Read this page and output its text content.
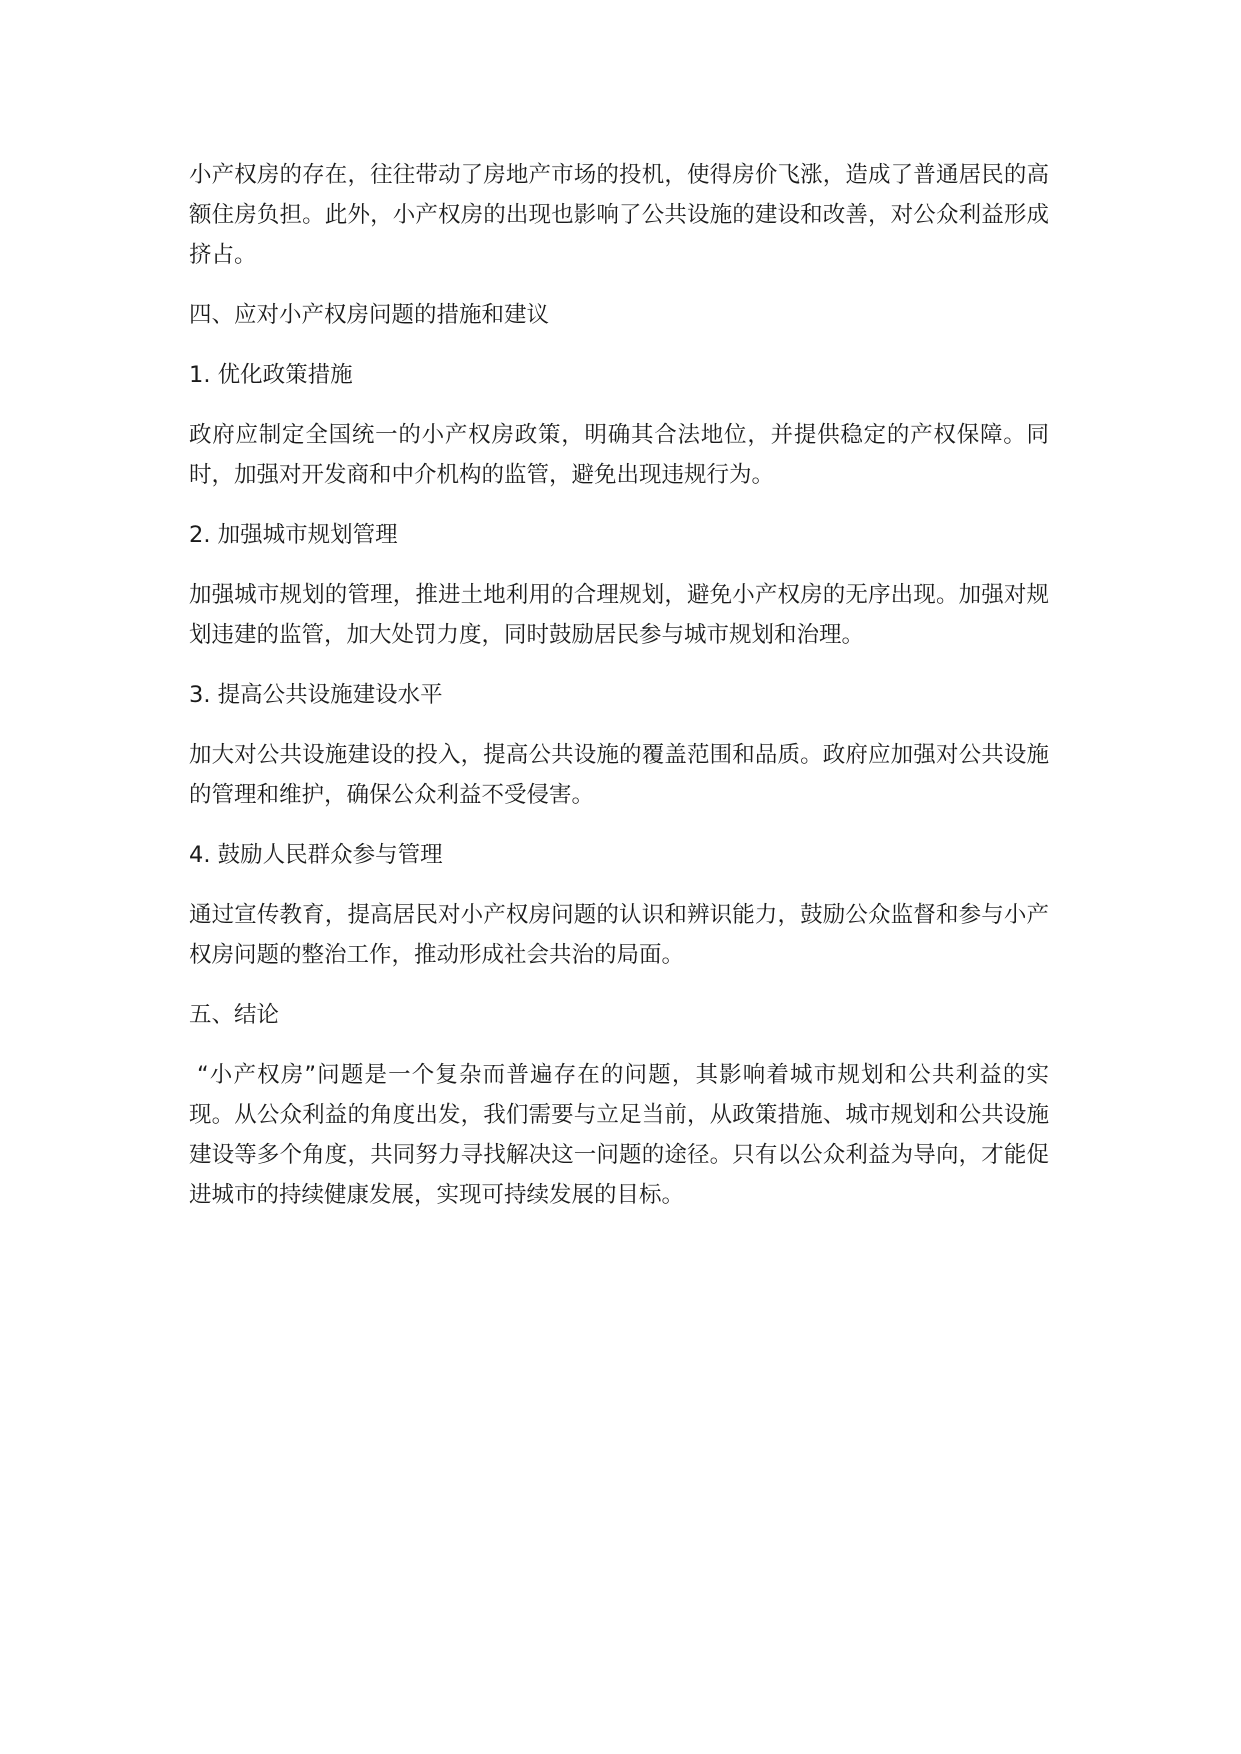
小产权房的存在，往往带动了房地产市场的投机，使得房价飞涨，造成了普通居民的高额住房负担。此外，小产权房的出现也影响了公共设施的建设和改善，对公众利益形成挤占。

四、应对小产权房问题的措施和建议

1. 优化政策措施

政府应制定全国统一的小产权房政策，明确其合法地位，并提供稳定的产权保障。同时，加强对开发商和中介机构的监管，避免出现违规行为。

2. 加强城市规划管理

加强城市规划的管理，推进土地利用的合理规划，避免小产权房的无序出现。加强对规划违建的监管，加大处罚力度，同时鼓励居民参与城市规划和治理。

3. 提高公共设施建设水平

加大对公共设施建设的投入，提高公共设施的覆盖范围和品质。政府应加强对公共设施的管理和维护，确保公众利益不受侵害。

4. 鼓励人民群众参与管理

通过宣传教育，提高居民对小产权房问题的认识和辨识能力，鼓励公众监督和参与小产权房问题的整治工作，推动形成社会共治的局面。

五、结论

“小产权房”问题是一个复杂而普遍存在的问题，其影响着城市规划和公共利益的实现。从公众利益的角度出发，我们需要与立足当前，从政策措施、城市规划和公共设施建设等多个角度，共同努力寻找解决这一问题的途径。只有以公众利益为导向，才能促进城市的持续健康发展，实现可持续发展的目标。
